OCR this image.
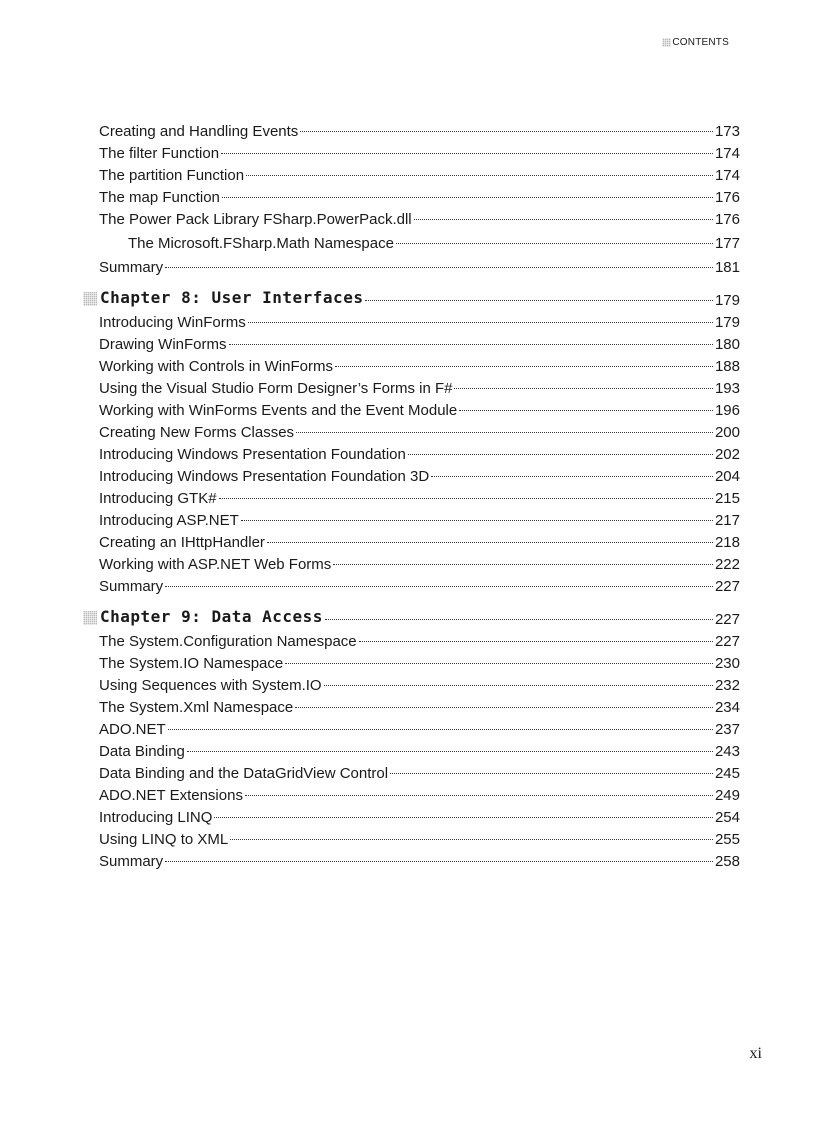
CONTENTS
Creating and Handling Events	173
The filter Function	174
The partition Function	174
The map Function	176
The Power Pack Library FSharp.PowerPack.dll	176
The Microsoft.FSharp.Math Namespace	177
Summary	181
Chapter 8: User Interfaces	179
Introducing WinForms	179
Drawing WinForms	180
Working with Controls in WinForms	188
Using the Visual Studio Form Designer’s Forms in F#	193
Working with WinForms Events and the Event Module	196
Creating New Forms Classes	200
Introducing Windows Presentation Foundation	202
Introducing Windows Presentation Foundation 3D	204
Introducing GTK#	215
Introducing ASP.NET	217
Creating an IHttpHandler	218
Working with ASP.NET Web Forms	222
Summary	227
Chapter 9: Data Access	227
The System.Configuration Namespace	227
The System.IO Namespace	230
Using Sequences with System.IO	232
The System.Xml Namespace	234
ADO.NET	237
Data Binding	243
Data Binding and the DataGridView Control	245
ADO.NET Extensions	249
Introducing LINQ	254
Using LINQ to XML	255
Summary	258
xi
